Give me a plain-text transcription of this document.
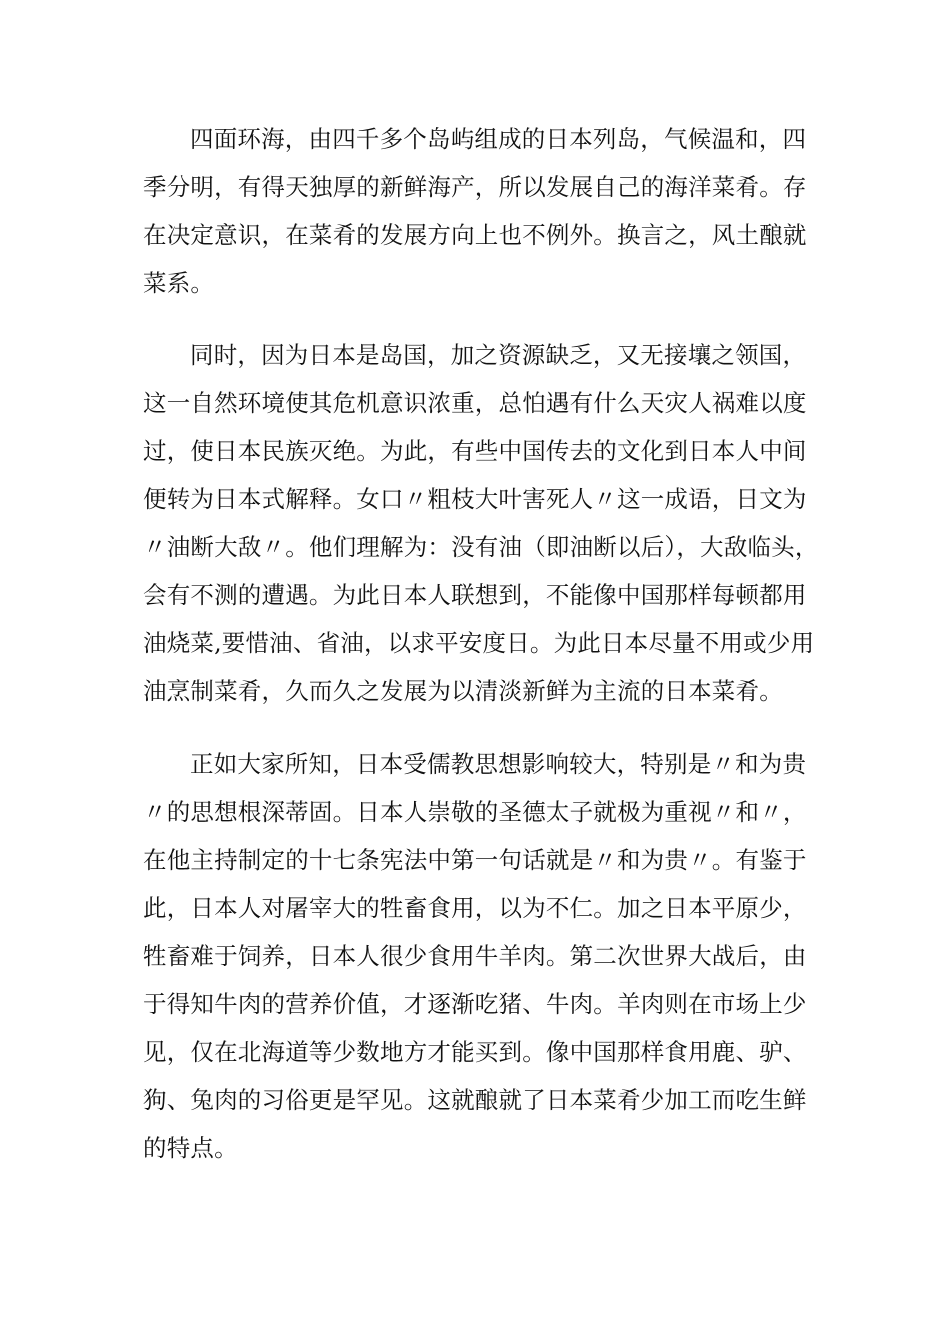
四面环海，由四千多个岛屿组成的日本列岛，气候温和，四
季分明，有得天独厚的新鲜海产，所以发展自己的海洋菜肴。存
在决定意识，在菜肴的发展方向上也不例外。换言之，风土酿就
菜系。
同时，因为日本是岛国，加之资源缺乏，又无接壤之领国，
这一自然环境使其危机意识浓重，总怕遇有什么天灾人祸难以度
过，使日本民族灭绝。为此，有些中国传去的文化到日本人中间
便转为日本式解释。女口〃粗枝大叶害死人〃这一成语，日文为
〃油断大敌〃。他们理解为：没有油（即油断以后），大敌临头，
会有不测的遭遇。为此日本人联想到，不能像中国那样每顿都用
油烧菜,要惜油、省油，以求平安度日。为此日本尽量不用或少用
油烹制菜肴，久而久之发展为以清淡新鲜为主流的日本菜肴。
正如大家所知，日本受儒教思想影响较大，特别是〃和为贵
〃的思想根深蒂固。日本人崇敬的圣德太子就极为重视〃和〃，
在他主持制定的十七条宪法中第一句话就是〃和为贵〃。有鉴于
此，日本人对屠宰大的牲畜食用，以为不仁。加之日本平原少，
牲畜难于饲养，日本人很少食用牛羊肉。第二次世界大战后，由
于得知牛肉的营养价值，才逐渐吃猪、牛肉。羊肉则在市场上少
见，仅在北海道等少数地方才能买到。像中国那样食用鹿、驴、
狗、兔肉的习俗更是罕见。这就酿就了日本菜肴少加工而吃生鲜
的特点。
